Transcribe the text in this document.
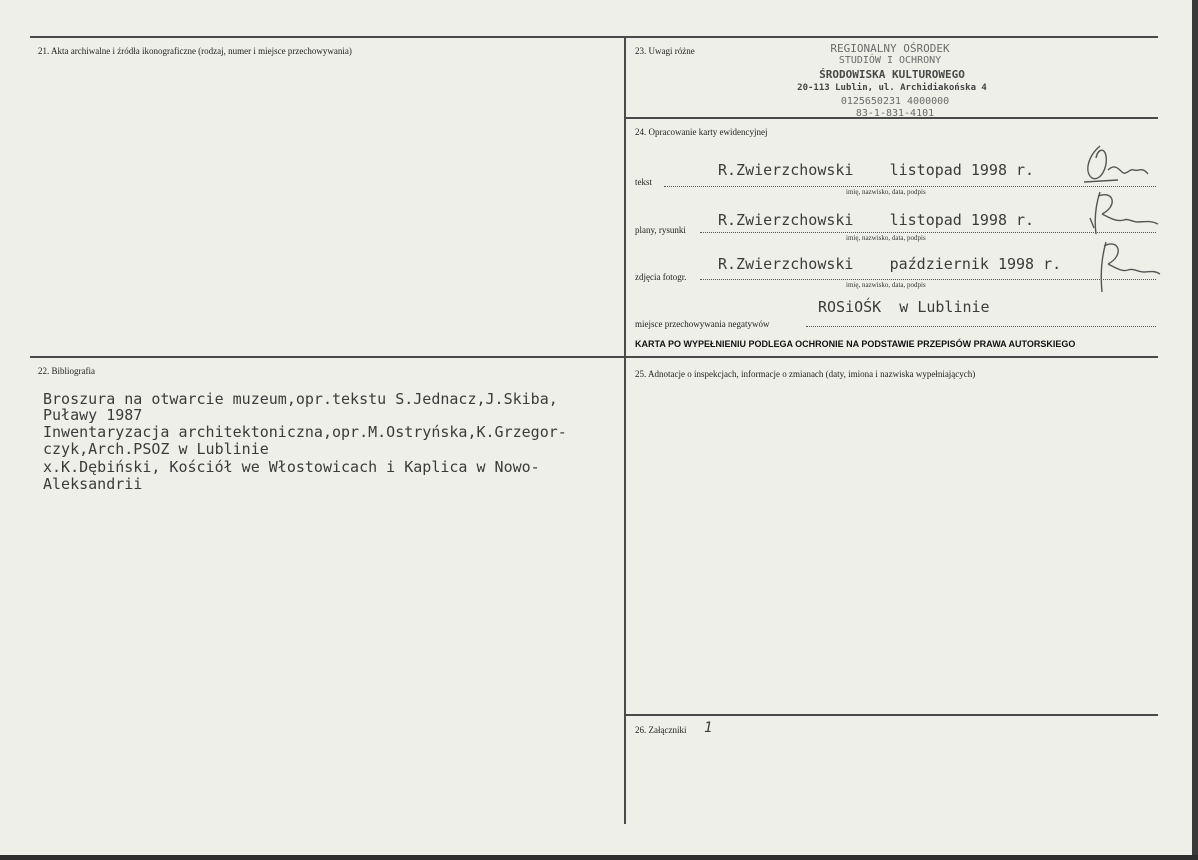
21. Akta archiwalne i źródła ikonograficzne (rodzaj, numer i miejsce przechowywania)
22. Bibliografia
Broszura na otwarcie muzeum,opr.tekstu S.Jednacz,J.Skiba,
Puławy 1987
Inwentaryzacja architektoniczna,opr.M.Ostryńska,K.Grzegor-
czyk,Arch.PSOZ w Lublinie
x.K.Dębiński, Kościół we Włostowicach i Kaplica w Nowo-
Aleksandrii
23. Uwagi różne	REGIONALNY OŚRODEK
STUDIÓW I OCHRONY
ŚRODOWISKA KULTUROWEGO
20-113 Lublin, ul. Archidiakońska 4
0125650231 4000000
83-1-831-4101
24. Opracowanie karty ewidencyjnej
tekst
R.Zwierzchowski    listopad 1998 r.
imię, nazwisko, data, podpis
plany, rysunki
R.Zwierzchowski    listopad 1998 r.
imię, nazwisko, data, podpis
zdjęcia fotogr.
R.Zwierzchowski    październik 1998 r.
imię, nazwisko, data, podpis
ROSiOŚK  w Lublinie
miejsce przechowywania negatywów
KARTA PO WYPEŁNIENIU PODLEGA OCHRONIE NA PODSTAWIE PRZEPISÓW PRAWA AUTORSKIEGO
25. Adnotacje o inspekcjach, informacje o zmianach (daty, imiona i nazwiska wypełniających)
26. Załączniki 1
